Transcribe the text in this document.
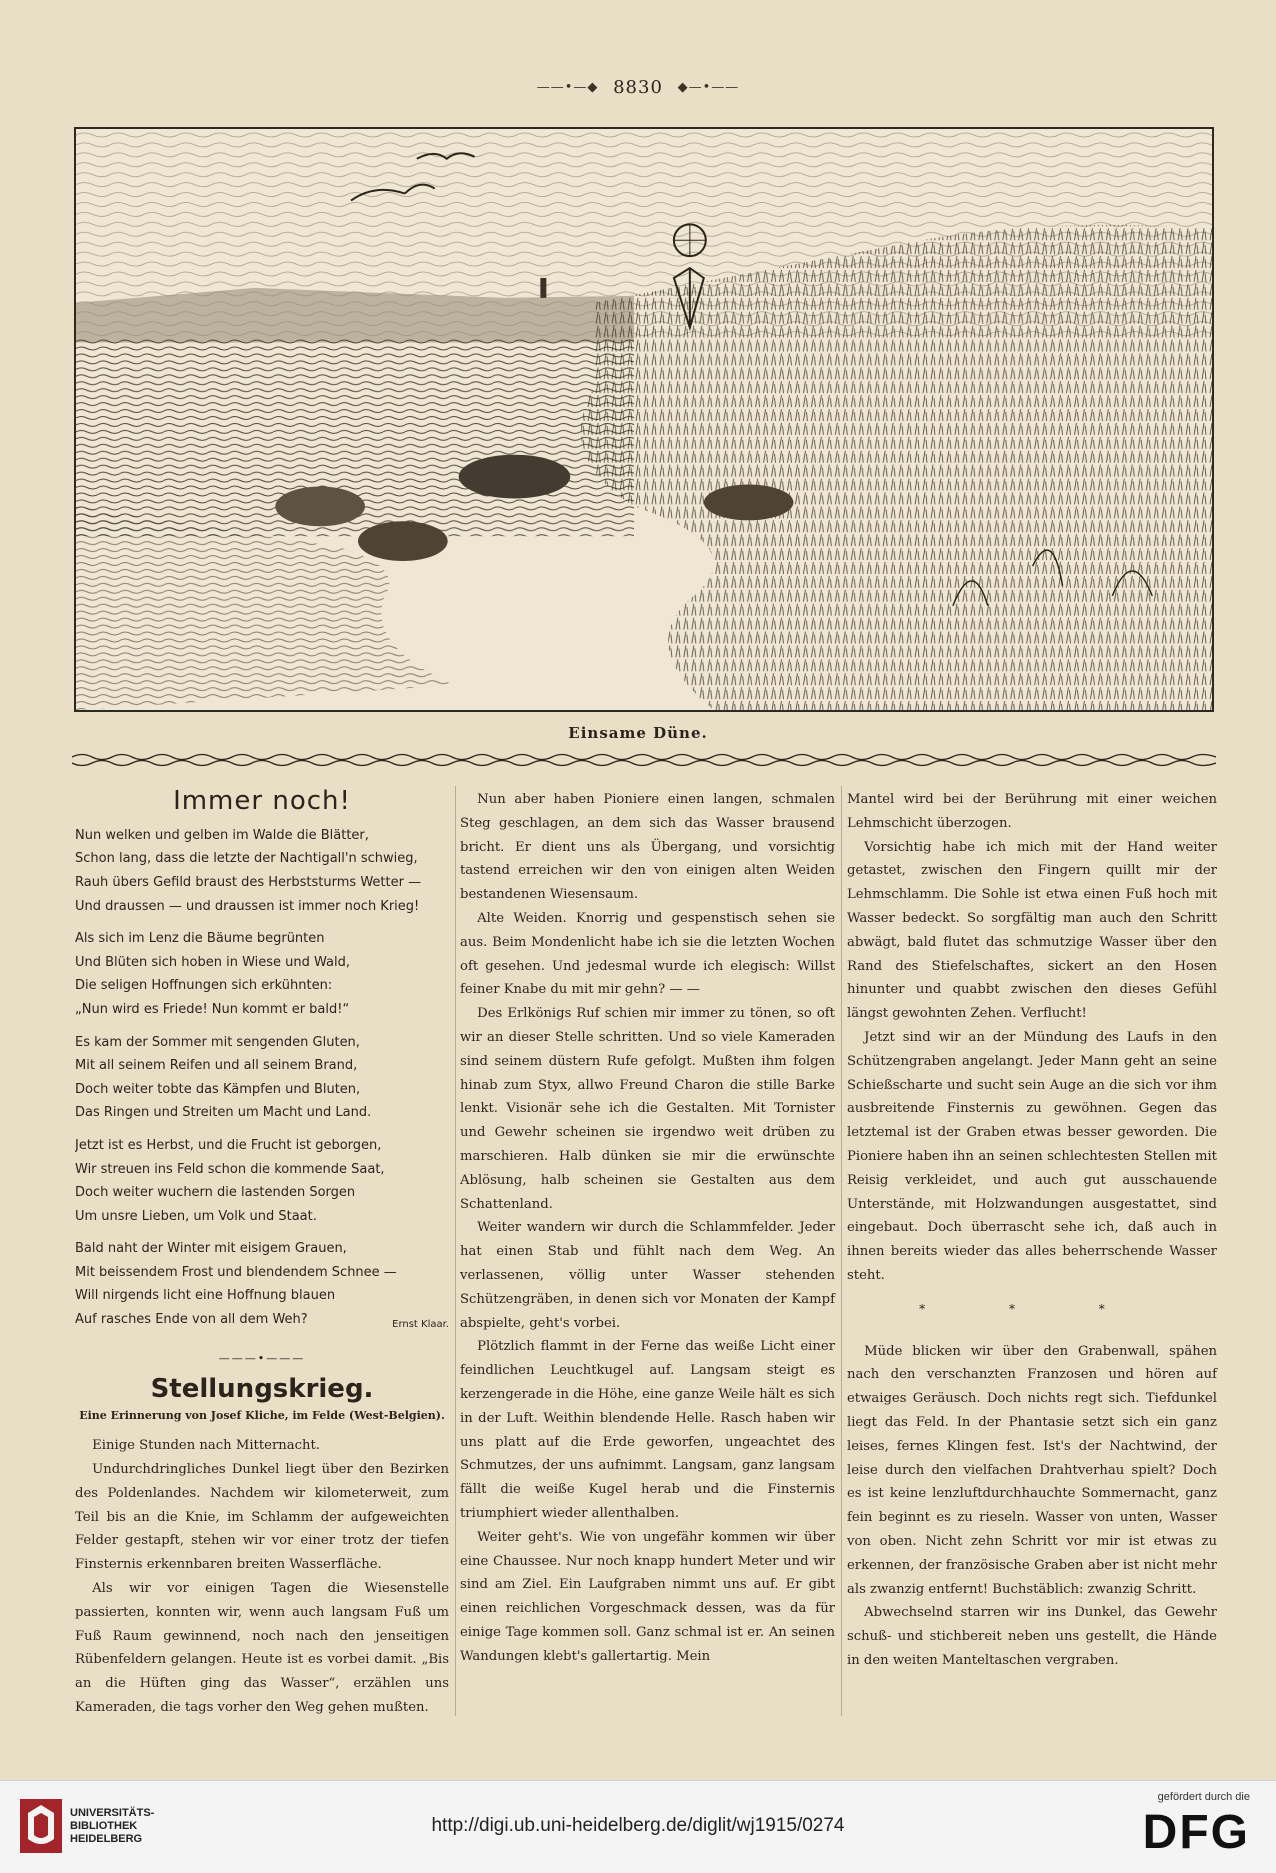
——•—◆ 8830 ◆—•——
Einsame Düne.
Immer noch!
Nun welken und gelben im Walde die Blätter,
Schon lang, dass die letzte der Nachtigall'n schwieg,
Rauh übers Gefild braust des Herbststurms Wetter —
Und draussen — und draussen ist immer noch Krieg!
Als sich im Lenz die Bäume begrünten
Und Blüten sich hoben in Wiese und Wald,
Die seligen Hoffnungen sich erkühnten:
„Nun wird es Friede! Nun kommt er bald!“
Es kam der Sommer mit sengenden Gluten,
Mit all seinem Reifen und all seinem Brand,
Doch weiter tobte das Kämpfen und Bluten,
Das Ringen und Streiten um Macht und Land.
Jetzt ist es Herbst, und die Frucht ist geborgen,
Wir streuen ins Feld schon die kommende Saat,
Doch weiter wuchern die lastenden Sorgen
Um unsre Lieben, um Volk und Staat.
Bald naht der Winter mit eisigem Grauen,
Mit beissendem Frost und blendendem Schnee —
Will nirgends licht eine Hoffnung blauen
Auf rasches Ende von all dem Weh?	Ernst Klaar.
———•———
Stellungskrieg.
Eine Erinnerung von Josef Kliche, im Felde (West-Belgien).

Einige Stunden nach Mitternacht.

Undurchdringliches Dunkel liegt über den Bezirken des Poldenlandes. Nachdem wir kilometerweit, zum Teil bis an die Knie, im Schlamm der aufgeweichten Felder gestapft, stehen wir vor einer trotz der tiefen Finsternis erkennbaren breiten Wasserfläche.

Als wir vor einigen Tagen die Wiesenstelle passierten, konnten wir, wenn auch langsam Fuß um Fuß Raum gewinnend, noch nach den jenseitigen Rübenfeldern gelangen. Heute ist es vorbei damit. „Bis an die Hüften ging das Wasser“, erzählen uns Kameraden, die tags vorher den Weg gehen mußten.

Nun aber haben Pioniere einen langen, schmalen Steg geschlagen, an dem sich das Wasser brausend bricht. Er dient uns als Übergang, und vorsichtig tastend erreichen wir den von einigen alten Weiden bestandenen Wiesensaum.

Alte Weiden. Knorrig und gespenstisch sehen sie aus. Beim Mondenlicht habe ich sie die letzten Wochen oft gesehen. Und jedesmal wurde ich elegisch: Willst feiner Knabe du mit mir gehn? — —

Des Erlkönigs Ruf schien mir immer zu tönen, so oft wir an dieser Stelle schritten. Und so viele Kameraden sind seinem düstern Rufe gefolgt. Mußten ihm folgen hinab zum Styx, allwo Freund Charon die stille Barke lenkt. Visionär sehe ich die Gestalten. Mit Tornister und Gewehr scheinen sie irgendwo weit drüben zu marschieren. Halb dünken sie mir die erwünschte Ablösung, halb scheinen sie Gestalten aus dem Schattenland.

Weiter wandern wir durch die Schlammfelder. Jeder hat einen Stab und fühlt nach dem Weg. An verlassenen, völlig unter Wasser stehenden Schützengräben, in denen sich vor Monaten der Kampf abspielte, geht's vorbei.

Plötzlich flammt in der Ferne das weiße Licht einer feindlichen Leuchtkugel auf. Langsam steigt es kerzengerade in die Höhe, eine ganze Weile hält es sich in der Luft. Weithin blendende Helle. Rasch haben wir uns platt auf die Erde geworfen, ungeachtet des Schmutzes, der uns aufnimmt. Langsam, ganz langsam fällt die weiße Kugel herab und die Finsternis triumphiert wieder allenthalben.

Weiter geht's. Wie von ungefähr kommen wir über eine Chaussee. Nur noch knapp hundert Meter und wir sind am Ziel. Ein Laufgraben nimmt uns auf. Er gibt einen reichlichen Vorgeschmack dessen, was da für einige Tage kommen soll. Ganz schmal ist er. An seinen Wandungen klebt's gallertartig. Mein

Mantel wird bei der Berührung mit einer weichen Lehmschicht überzogen.

Vorsichtig habe ich mich mit der Hand weiter getastet, zwischen den Fingern quillt mir der Lehmschlamm. Die Sohle ist etwa einen Fuß hoch mit Wasser bedeckt. So sorgfältig man auch den Schritt abwägt, bald flutet das schmutzige Wasser über den Rand des Stiefelschaftes, sickert an den Hosen hinunter und quabbt zwischen den dieses Gefühl längst gewohnten Zehen. Verflucht!

Jetzt sind wir an der Mündung des Laufs in den Schützengraben angelangt. Jeder Mann geht an seine Schießscharte und sucht sein Auge an die sich vor ihm ausbreitende Finsternis zu gewöhnen. Gegen das letztemal ist der Graben etwas besser geworden. Die Pioniere haben ihn an seinen schlechtesten Stellen mit Reisig verkleidet, und auch gut ausschauende Unterstände, mit Holzwandungen ausgestattet, sind eingebaut. Doch überrascht sehe ich, daß auch in ihnen bereits wieder das alles beherrschende Wasser steht.

* * *

Müde blicken wir über den Grabenwall, spähen nach den verschanzten Franzosen und hören auf etwaiges Geräusch. Doch nichts regt sich. Tiefdunkel liegt das Feld. In der Phantasie setzt sich ein ganz leises, fernes Klingen fest. Ist's der Nachtwind, der leise durch den vielfachen Drahtverhau spielt? Doch es ist keine lenzluftdurchhauchte Sommernacht, ganz fein beginnt es zu rieseln. Wasser von unten, Wasser von oben. Nicht zehn Schritt vor mir ist etwas zu erkennen, der französische Graben aber ist nicht mehr als zwanzig entfernt! Buchstäblich: zwanzig Schritt.

Abwechselnd starren wir ins Dunkel, das Gewehr schuß- und stichbereit neben uns gestellt, die Hände in den weiten Manteltaschen vergraben.

UNIVERSITÄTS-
BIBLIOTHEK
HEIDELBERG
http://digi.ub.uni-heidelberg.de/diglit/wj1915/0274
gefördert durch die
DFG
